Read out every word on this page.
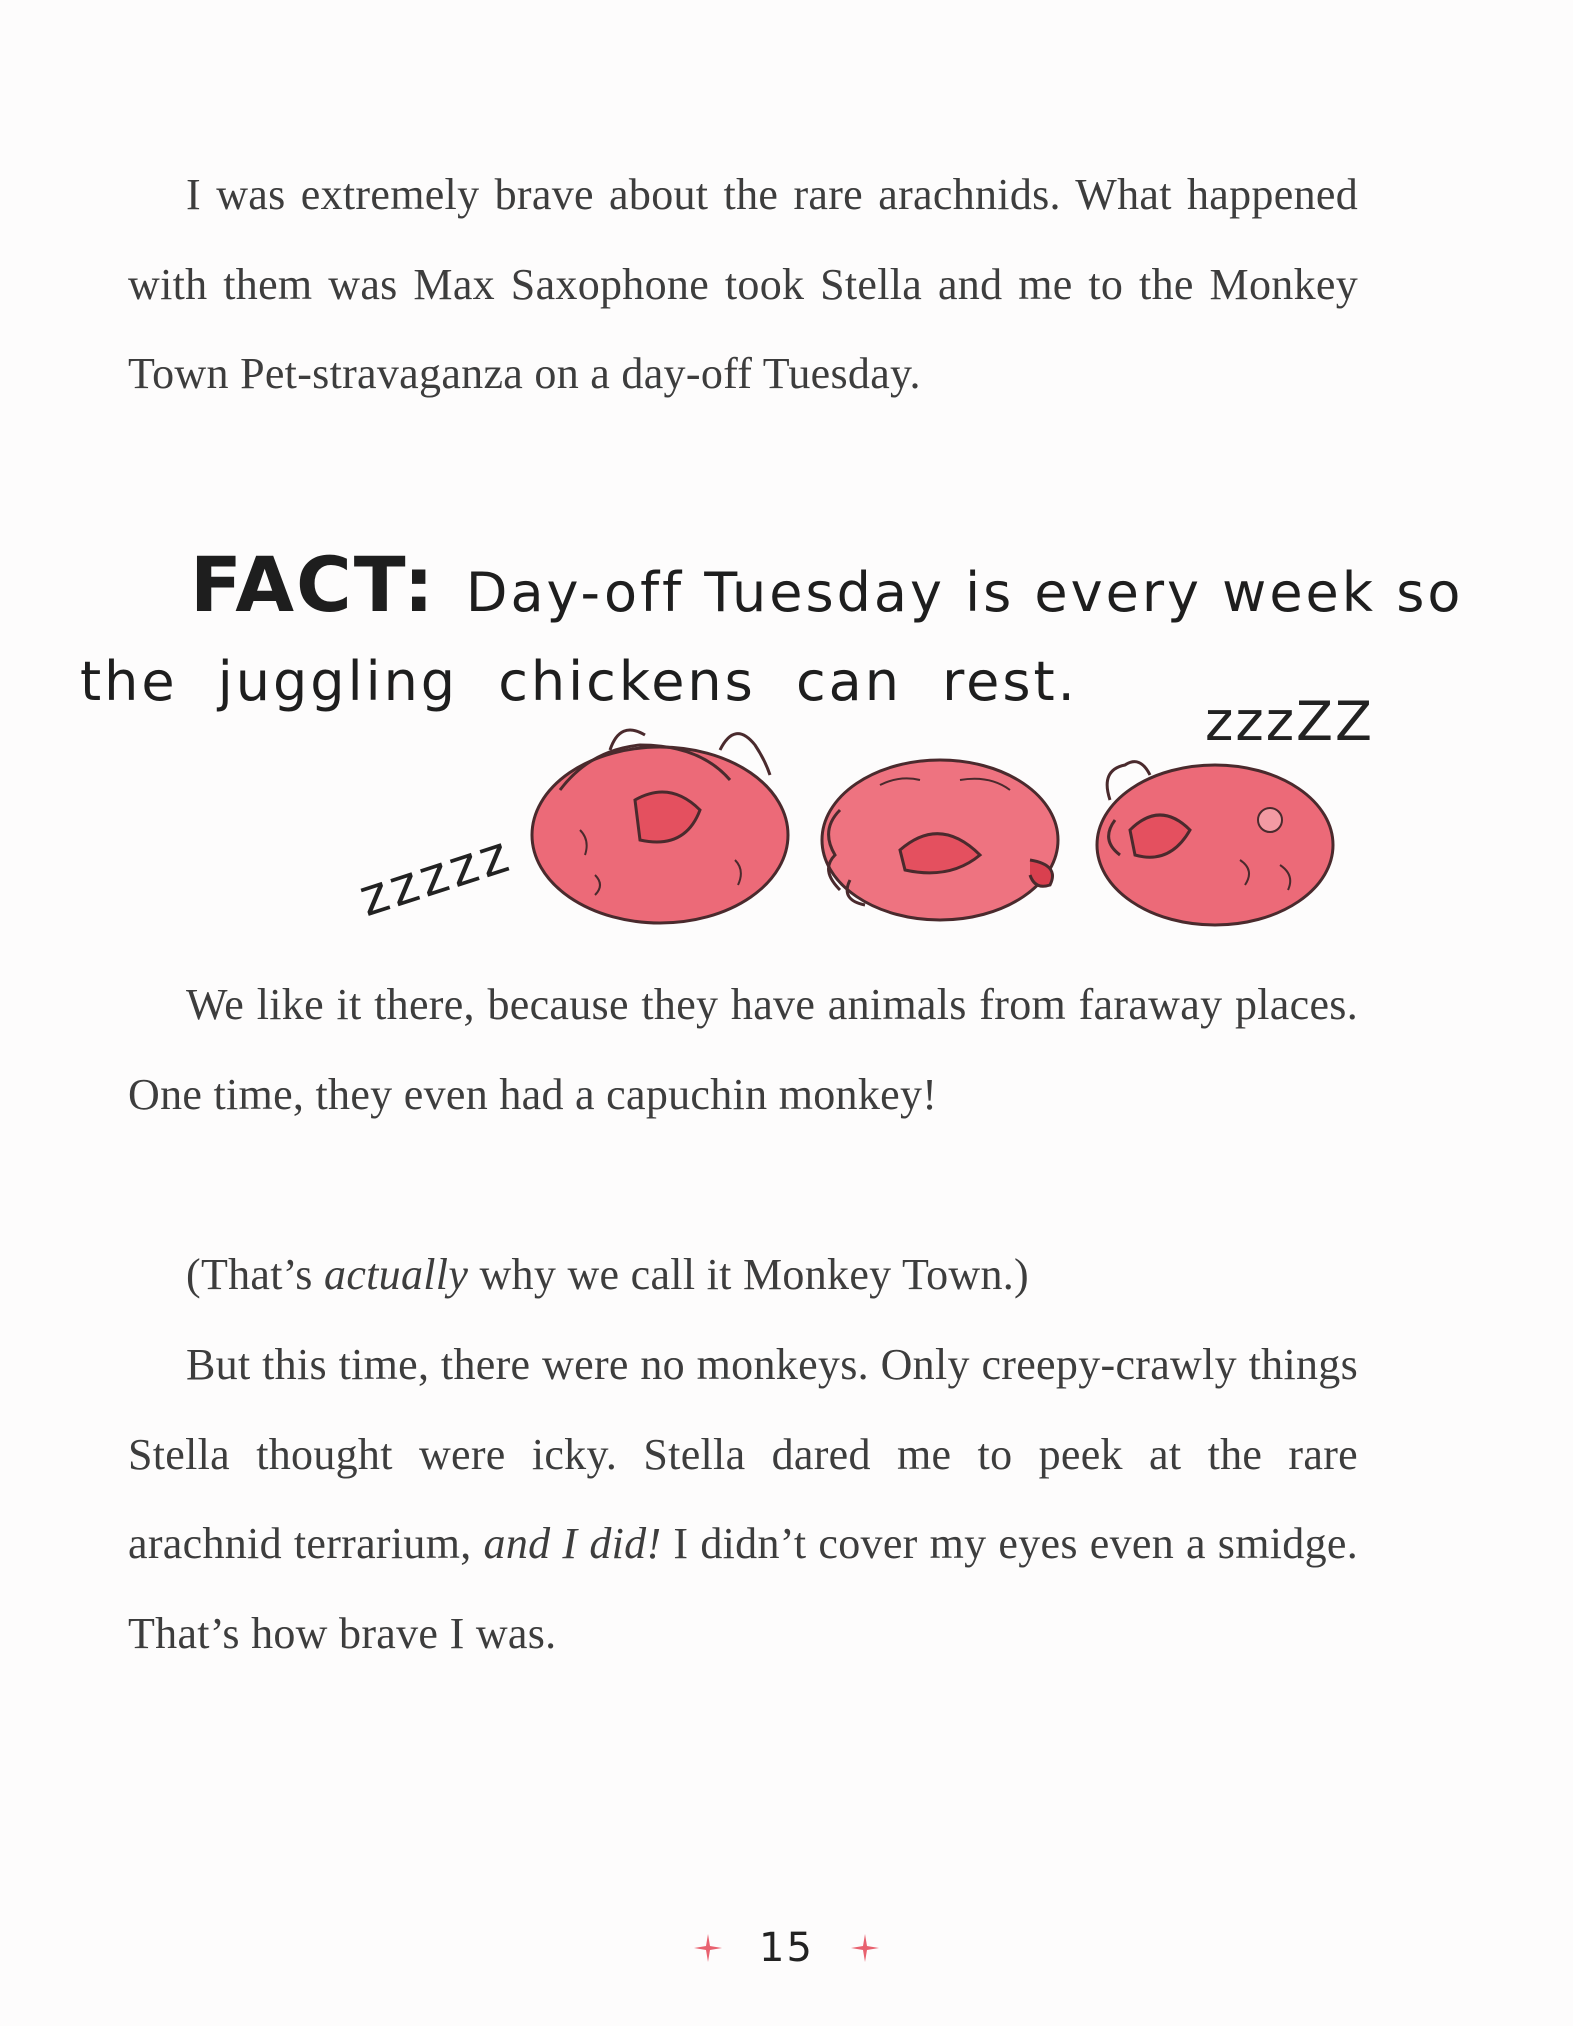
I was extremely brave about the rare arachnids. What happened with them was Max Saxophone took Stella and me to the Monkey Town Pet-stravaganza on a day-off Tuesday.

FACT: Day-off Tuesday is every week so
the juggling chickens can rest.
zzzzz
zzzZZ

We like it there, because they have animals from faraway places. One time, they even had a capuchin monkey!

(That’s actually why we call it Monkey Town.)

But this time, there were no monkeys. Only creepy-crawly things Stella thought were icky. Stella dared me to peek at the rare arachnid terrarium, and I did! I didn’t cover my eyes even a smidge. That’s how brave I was.

15
